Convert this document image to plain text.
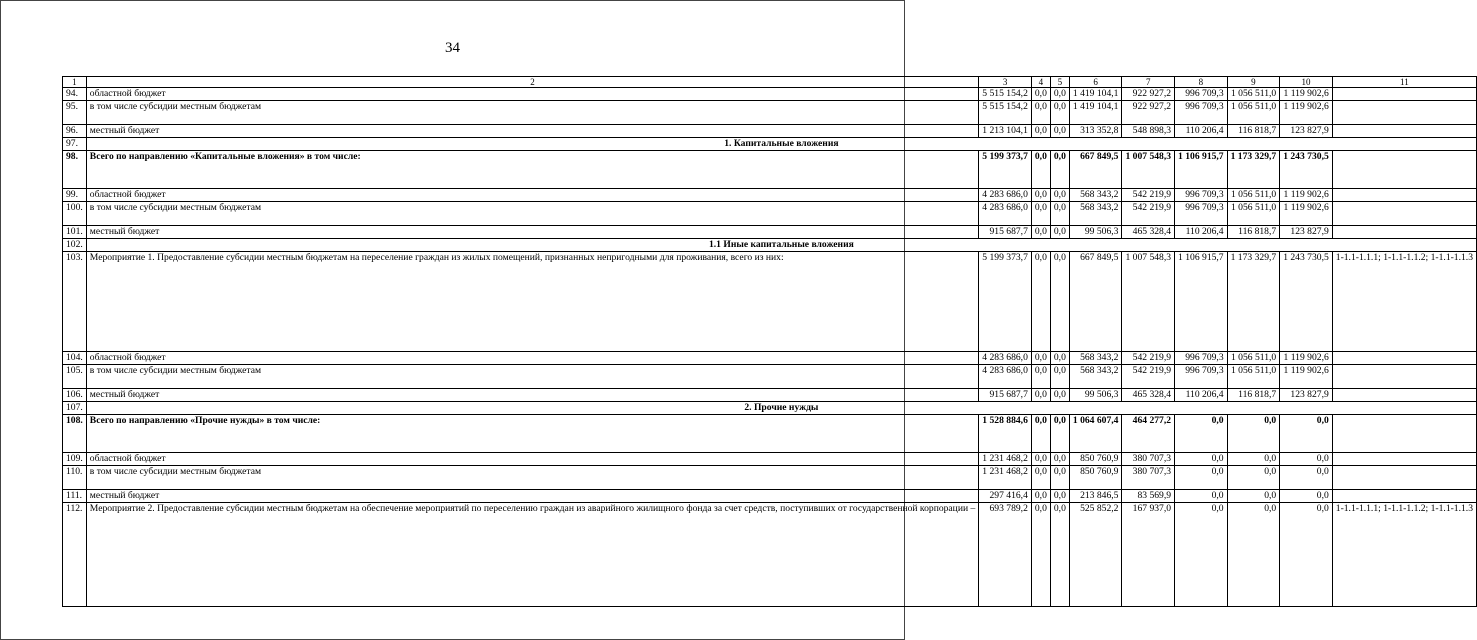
34
1	2	3	4	5	6	7	8	9	10	11
94.	областной бюджет	5 515 154,2	0,0	0,0	1 419 104,1	922 927,2	996 709,3	1 056 511,0	1 119 902,6	
95.	в том числе субсидии местным бюджетам	5 515 154,2	0,0	0,0	1 419 104,1	922 927,2	996 709,3	1 056 511,0	1 119 902,6	
96.	местный бюджет	1 213 104,1	0,0	0,0	313 352,8	548 898,3	110 206,4	116 818,7	123 827,9	
97.	1. Капитальные вложения									
98.	Всего по направлению «Капитальные вложения» в том числе:	5 199 373,7	0,0	0,0	667 849,5	1 007 548,3	1 106 915,7	1 173 329,7	1 243 730,5	
99.	областной бюджет	4 283 686,0	0,0	0,0	568 343,2	542 219,9	996 709,3	1 056 511,0	1 119 902,6	
100.	в том числе субсидии местным бюджетам	4 283 686,0	0,0	0,0	568 343,2	542 219,9	996 709,3	1 056 511,0	1 119 902,6	
101.	местный бюджет	915 687,7	0,0	0,0	99 506,3	465 328,4	110 206,4	116 818,7	123 827,9	
102.	1.1 Иные капитальные вложения									
103.	Мероприятие 1. Предоставление субсидии местным бюджетам на переселение граждан из жилых помещений, признанных непригодными для проживания, всего из них:	5 199 373,7	0,0	0,0	667 849,5	1 007 548,3	1 106 915,7	1 173 329,7	1 243 730,5	1-1.1-1.1.1; 1-1.1-1.1.2; 1-1.1-1.1.3
104.	областной бюджет	4 283 686,0	0,0	0,0	568 343,2	542 219,9	996 709,3	1 056 511,0	1 119 902,6	
105.	в том числе субсидии местным бюджетам	4 283 686,0	0,0	0,0	568 343,2	542 219,9	996 709,3	1 056 511,0	1 119 902,6	
106.	местный бюджет	915 687,7	0,0	0,0	99 506,3	465 328,4	110 206,4	116 818,7	123 827,9	
107.	2. Прочие нужды									
108.	Всего по направлению «Прочие нужды» в том числе:	1 528 884,6	0,0	0,0	1 064 607,4	464 277,2	0,0	0,0	0,0	
109.	областной бюджет	1 231 468,2	0,0	0,0	850 760,9	380 707,3	0,0	0,0	0,0	
110.	в том числе субсидии местным бюджетам	1 231 468,2	0,0	0,0	850 760,9	380 707,3	0,0	0,0	0,0	
111.	местный бюджет	297 416,4	0,0	0,0	213 846,5	83 569,9	0,0	0,0	0,0	
112.	Мероприятие 2. Предоставление субсидии местным бюджетам на обеспечение мероприятий по переселению граждан из аварийного жилищного фонда за счет средств, поступивших от государственной корпорации –	693 789,2	0,0	0,0	525 852,2	167 937,0	0,0	0,0	0,0	1-1.1-1.1.1; 1-1.1-1.1.2; 1-1.1-1.1.3
